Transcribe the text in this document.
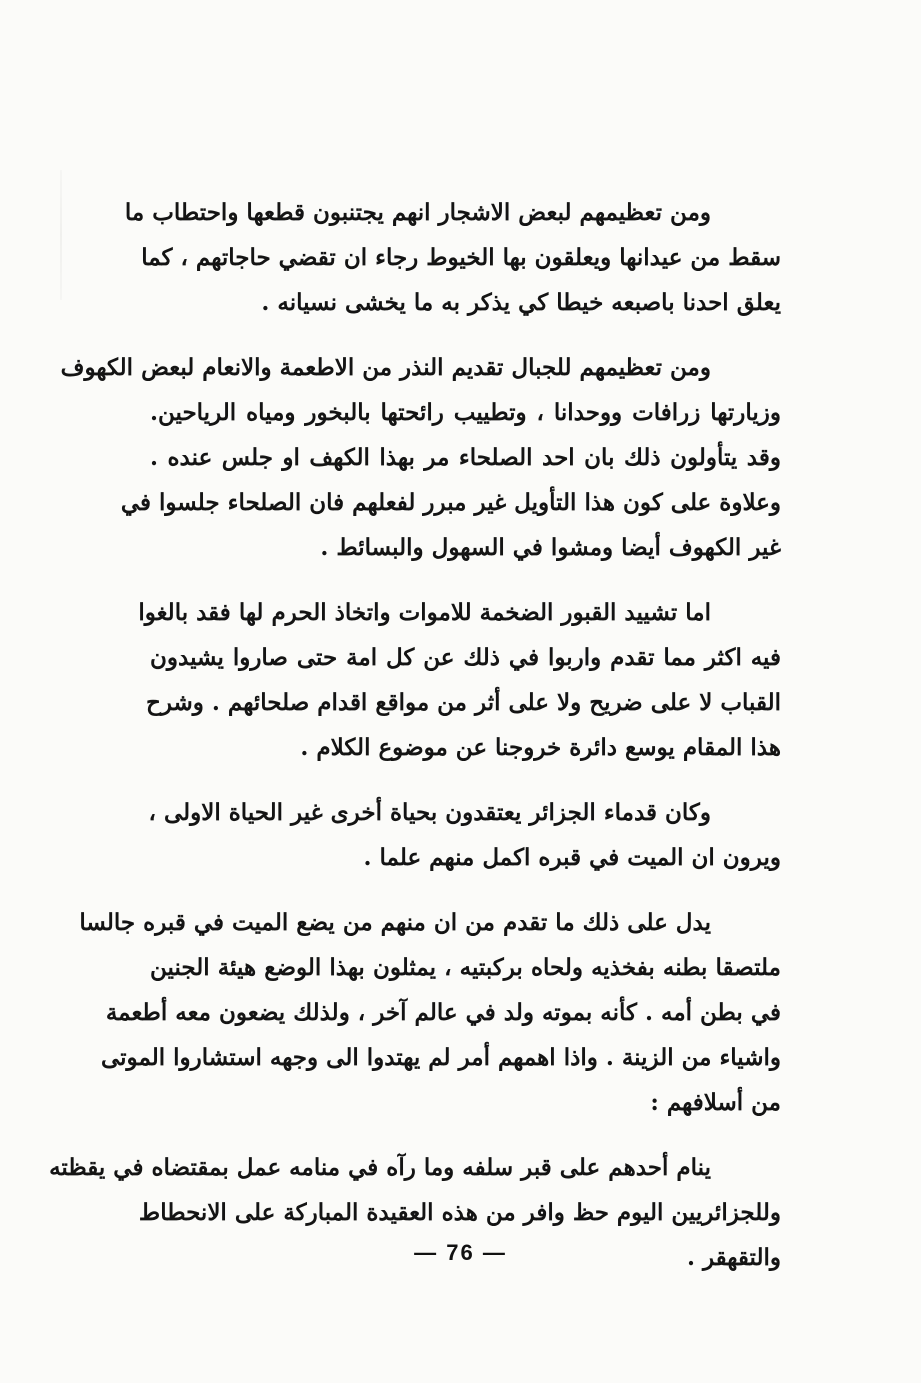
ومن تعظيمهم لبعض الاشجار انهم يجتنبون قطعها واحتطاب ما
سقط من عيدانها ويعلقون بها الخيوط رجاء ان تقضي حاجاتهم ، كما
يعلق احدنا باصبعه خيطا كي يذكر به ما يخشى نسيانه .

ومن تعظيمهم للجبال تقديم النذر من الاطعمة والانعام لبعض الكهوف
وزيارتها زرافات ووحدانا ، وتطييب رائحتها بالبخور ومياه الرياحين.
وقد يتأولون ذلك بان احد الصلحاء مر بهذا الكهف او جلس عنده .
وعلاوة على كون هذا التأويل غير مبرر لفعلهم فان الصلحاء جلسوا في
غير الكهوف أيضا ومشوا في السهول والبسائط .

اما تشييد القبور الضخمة للاموات واتخاذ الحرم لها فقد بالغوا
فيه اكثر مما تقدم واربوا في ذلك عن كل امة حتى صاروا يشيدون
القباب لا على ضريح ولا على أثر من مواقع اقدام صلحائهم . وشرح
هذا المقام يوسع دائرة خروجنا عن موضوع الكلام .

وكان قدماء الجزائر يعتقدون بحياة أخرى غير الحياة الاولى ،
ويرون ان الميت في قبره اكمل منهم علما .

يدل على ذلك ما تقدم من ان منهم من يضع الميت في قبره جالسا
ملتصقا بطنه بفخذيه ولحاه بركبتيه ، يمثلون بهذا الوضع هيئة الجنين
في بطن أمه . كأنه بموته ولد في عالم آخر ، ولذلك يضعون معه أطعمة
واشياء من الزينة . واذا اهمهم أمر لم يهتدوا الى وجهه استشاروا الموتى
من أسلافهم :

ينام أحدهم على قبر سلفه وما رآه في منامه عمل بمقتضاه في يقظته
وللجزائريين اليوم حظ وافر من هذه العقيدة المباركة على الانحطاط
والتقهقر .

— 76 —
